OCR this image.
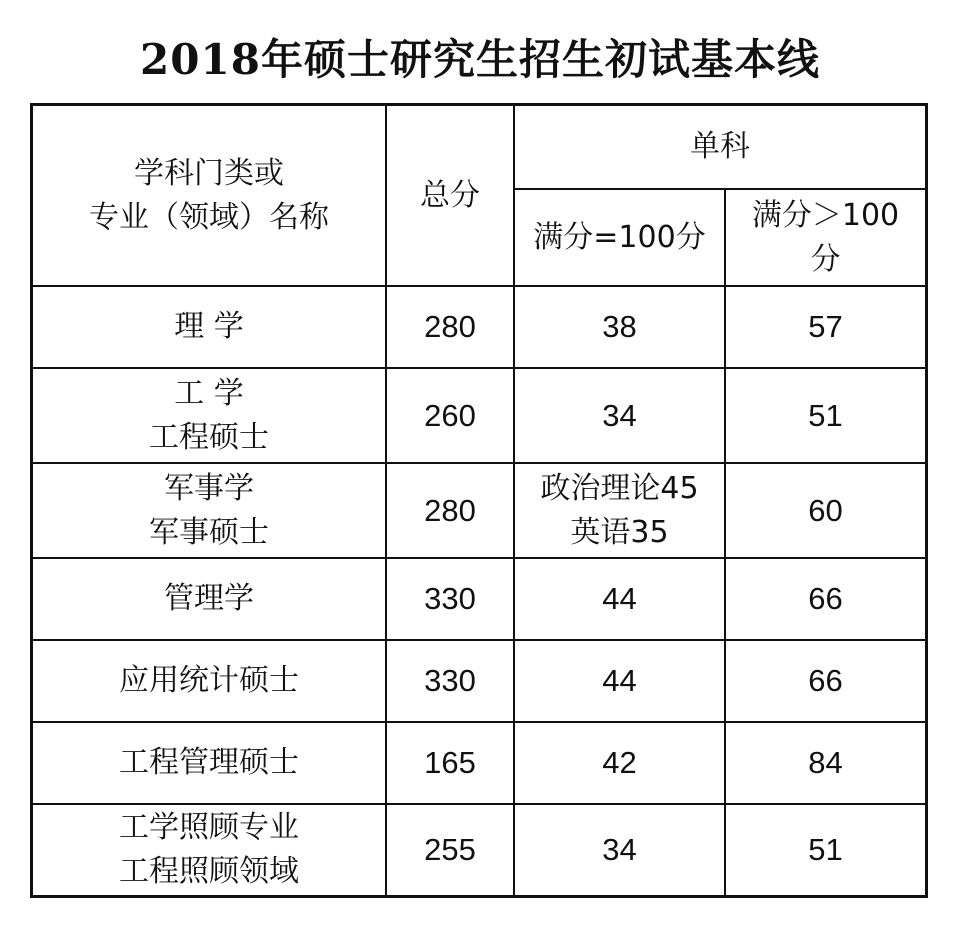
2018年硕士研究生招生初试基本线
学科门类或
专业（领域）名称	总分	单科	
		满分=100分	满分＞100
分

理 学	280	38	57

工 学
工程硕士	260	34	51

军事学
军事硕士	280	政治理论45
英语35	60

管理学	330	44	66

应用统计硕士	330	44	66

工程管理硕士	165	42	84

工学照顾专业
工程照顾领域	255	34	51
